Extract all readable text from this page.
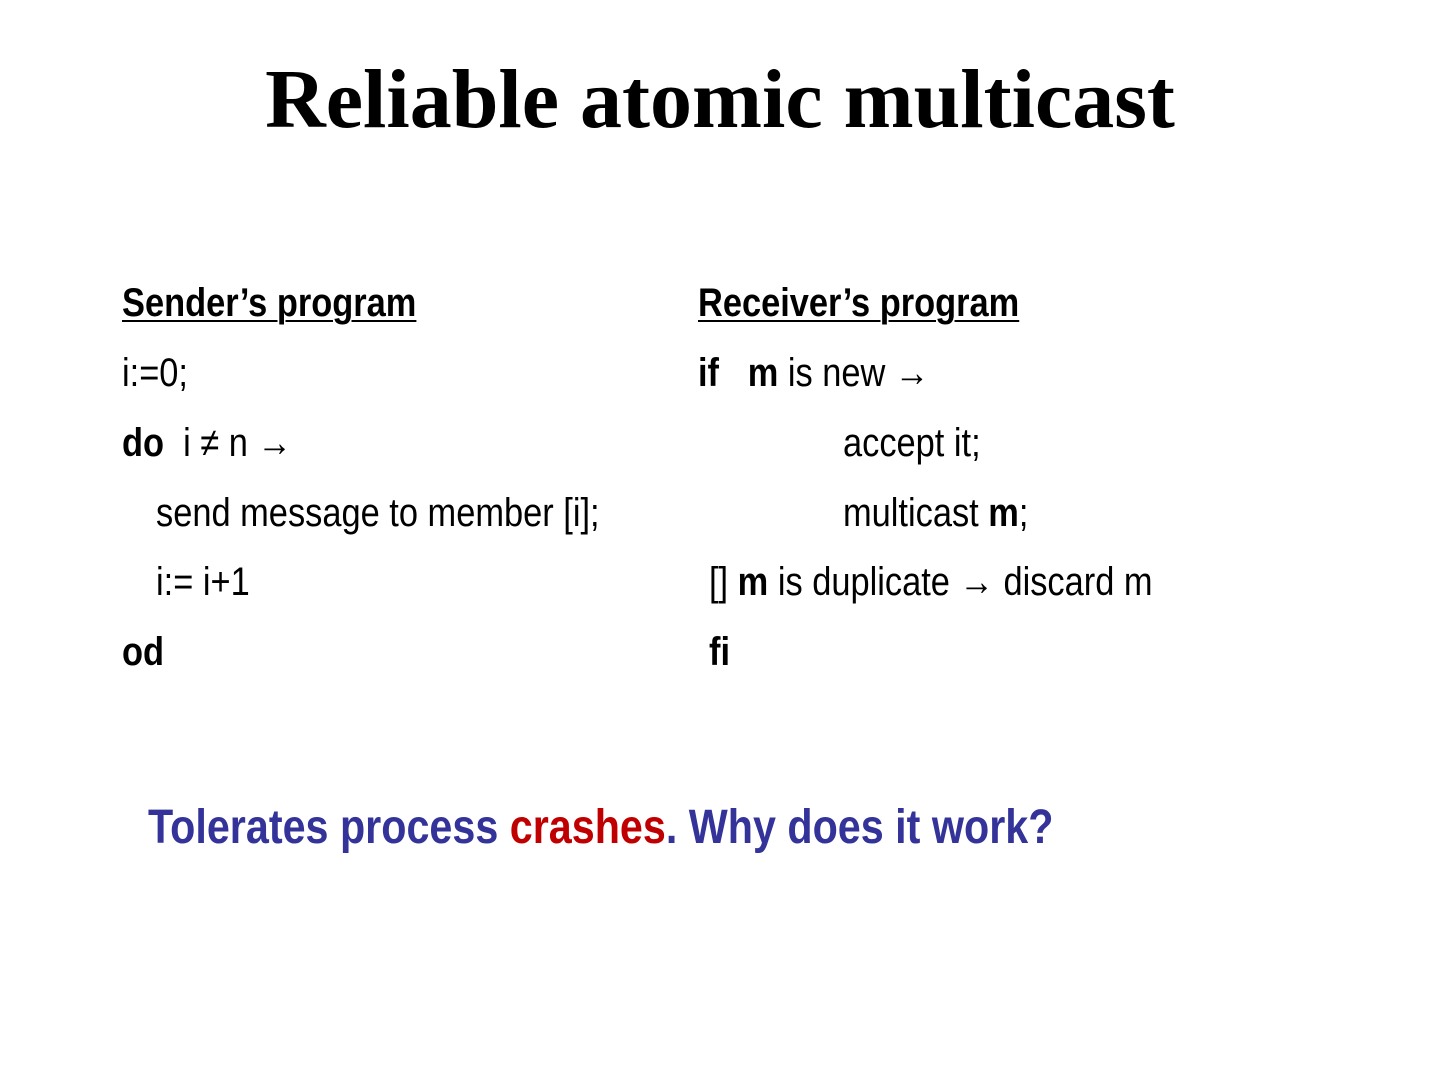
Reliable atomic multicast
Sender’s program
i:=0;
do  i ≠ n →
send message to member [i];
i:= i+1
od
Receiver’s program
if m is new →
accept it;
multicast m;
[] m is duplicate → discard m
fi
Tolerates process crashes. Why does it work?
